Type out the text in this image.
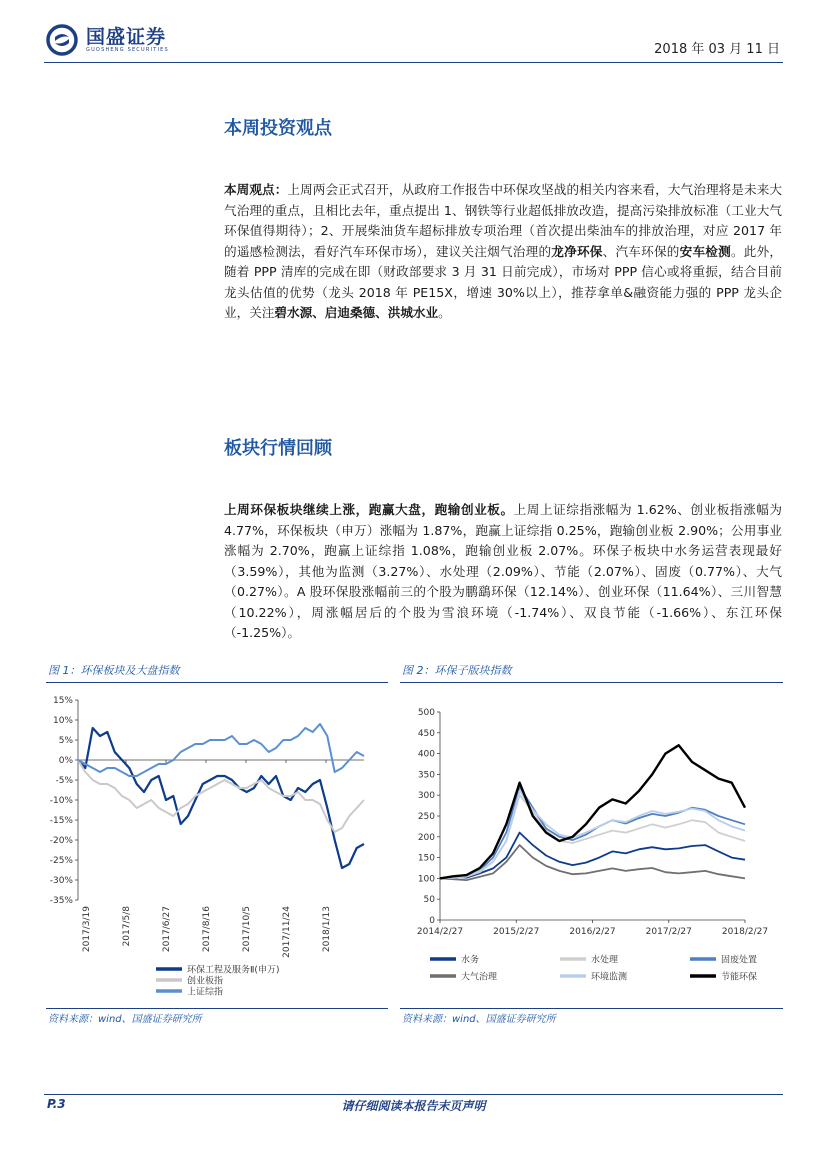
国盛证券
GUOSHENG SECURITIES	2018 年 03 月 11 日
本周投资观点
本周观点：上周两会正式召开，从政府工作报告中环保攻坚战的相关内容来看，大气治理将是未来大气治理的重点，且相比去年，重点提出 1、钢铁等行业超低排放改造，提高污染排放标准（工业大气环保值得期待）；2、开展柴油货车超标排放专项治理（首次提出柴油车的排放治理，对应 2017 年的遥感检测法，看好汽车环保市场），建议关注烟气治理的龙净环保、汽车环保的安车检测。此外，随着 PPP 清库的完成在即（财政部要求 3 月 31 日前完成），市场对 PPP 信心或将重振，结合目前龙头估值的优势（龙头 2018 年 PE15X，增速 30%以上），推荐拿单&融资能力强的 PPP 龙头企业，关注碧水源、启迪桑德、洪城水业。
板块行情回顾
上周环保板块继续上涨，跑赢大盘，跑输创业板。上周上证综指涨幅为 1.62%、创业板指涨幅为 4.77%，环保板块（申万）涨幅为 1.87%，跑赢上证综指 0.25%，跑输创业板 2.90%；公用事业涨幅为 2.70%，跑赢上证综指 1.08%，跑输创业板 2.07%。环保子板块中水务运营表现最好（3.59%），其他为监测（3.27%）、水处理（2.09%）、节能（2.07%）、固废（0.77%）、大气（0.27%）。A 股环保股涨幅前三的个股为鹏鷂环保（12.14%）、创业环保（11.64%）、三川智慧（10.22%），周涨幅居后的个股为雪浪环境（-1.74%）、双良节能（-1.66%）、东江环保（-1.25%）。
图 1：环保板块及大盘指数
15%
10%
5%
0%
-5%
-10%
-15%
-20%
-25%
-30%
-35%
2017/3/19	2017/5/8	2017/6/27	2017/8/16	2017/10/5	2017/11/24	2018/1/13
环保工程及服务Ⅱ(申万)
创业板指
上证综指
资料来源：wind、国盛证券研究所
图 2：环保子版块指数
500
450
400
350
300
250
200
150
100
50
0
2014/2/27	2015/2/27	2016/2/27	2017/2/27	2018/2/27
水务	水处理	固废处置
大气治理	环境监测	节能环保
资料来源：wind、国盛证券研究所
P.3	请仔细阅读本报告末页声明
